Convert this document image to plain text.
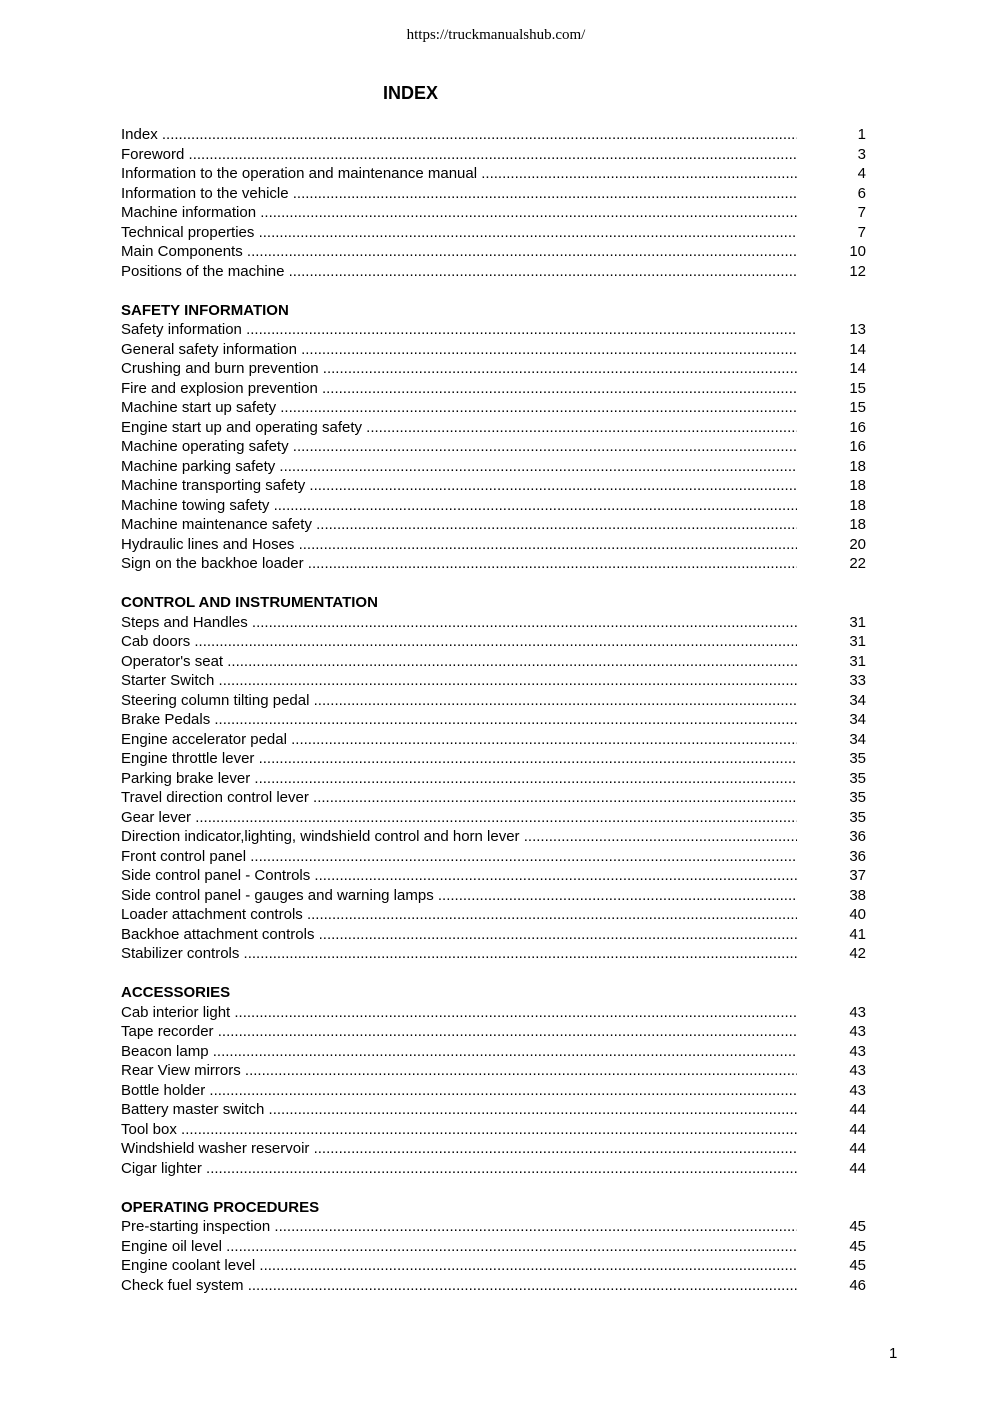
https://truckmanualshub.com/
INDEX
Index .....	1
Foreword .....	3
Information to the operation and maintenance manual .....	4
Information to the vehicle .....	6
Machine information .....	7
Technical properties .....	7
Main Components .....	10
Positions of the machine .....	12
SAFETY INFORMATION
Safety information .....	13
General safety information .....	14
Crushing and burn prevention .....	14
Fire and explosion prevention .....	15
Machine start up safety .....	15
Engine start up and operating safety .....	16
Machine operating safety .....	16
Machine parking safety .....	18
Machine transporting safety .....	18
Machine towing safety .....	18
Machine maintenance safety .....	18
Hydraulic lines and Hoses .....	20
Sign on the backhoe loader .....	22
CONTROL AND INSTRUMENTATION
Steps and Handles .....	31
Cab doors .....	31
Operator's seat .....	31
Starter Switch .....	33
Steering column tilting pedal .....	34
Brake Pedals .....	34
Engine accelerator pedal .....	34
Engine throttle lever .....	35
Parking brake lever .....	35
Travel direction control lever .....	35
Gear lever .....	35
Direction indicator,lighting, windshield control and horn lever .....	36
Front control panel .....	36
Side control panel - Controls .....	37
Side control panel - gauges and warning lamps .....	38
Loader attachment controls .....	40
Backhoe attachment controls .....	41
Stabilizer controls .....	42
ACCESSORIES
Cab interior light .....	43
Tape recorder .....	43
Beacon lamp .....	43
Rear View mirrors .....	43
Bottle holder .....	43
Battery master switch .....	44
Tool box .....	44
Windshield washer reservoir .....	44
Cigar lighter .....	44
OPERATING PROCEDURES
Pre-starting inspection .....	45
Engine oil level .....	45
Engine coolant level .....	45
Check fuel system .....	46
1
